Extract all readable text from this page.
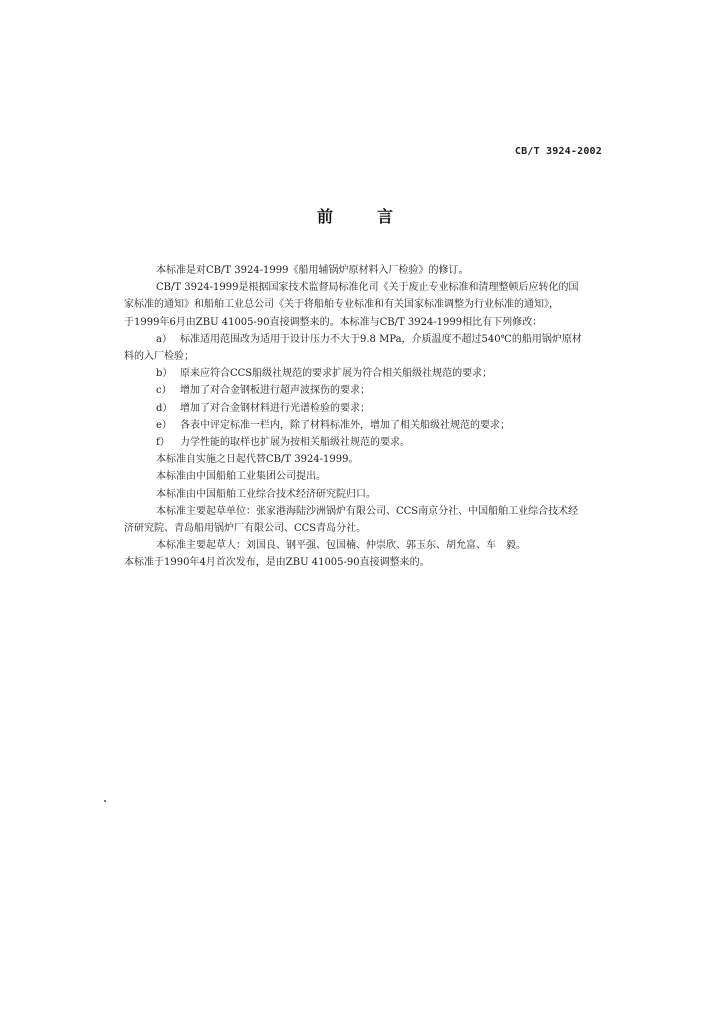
CB/T 3924-2002
前　言

本标准是对CB/T 3924-1999《船用辅锅炉原材料入厂检验》的修订。

CB/T 3924-1999是根据国家技术监督局标准化司《关于废止专业标准和清理整顿后应转化的国

家标准的通知》和船舶工业总公司《关于将船舶专业标准和有关国家标准调整为行业标准的通知》，

于1999年6月由ZBU 41005-90直接调整来的。本标准与CB/T 3924-1999相比有下列修改：

a） 标准适用范围改为适用于设计压力不大于9.8 MPa，介质温度不超过540℃的船用锅炉原材

料的入厂检验；

b） 原来应符合CCS船级社规范的要求扩展为符合相关船级社规范的要求；

c） 增加了对合金钢板进行超声波探伤的要求；

d） 增加了对合金钢材料进行光谱检验的要求；

e） 各表中评定标准一栏内，除了材料标准外，增加了相关船级社规范的要求；

f） 力学性能的取样也扩展为按相关船级社规范的要求。

本标准自实施之日起代替CB/T 3924-1999。

本标准由中国船舶工业集团公司提出。

本标准由中国船舶工业综合技术经济研究院归口。

本标准主要起草单位：张家港海陆沙洲锅炉有限公司、CCS南京分社、中国船舶工业综合技术经

济研究院、青岛船用锅炉厂有限公司、CCS青岛分社。

本标准主要起草人：刘国良、钢平强、包国楠、仲崇欣、郭玉东、胡允富、车　毅。

本标准于1990年4月首次发布，是由ZBU 41005-90直接调整来的。
